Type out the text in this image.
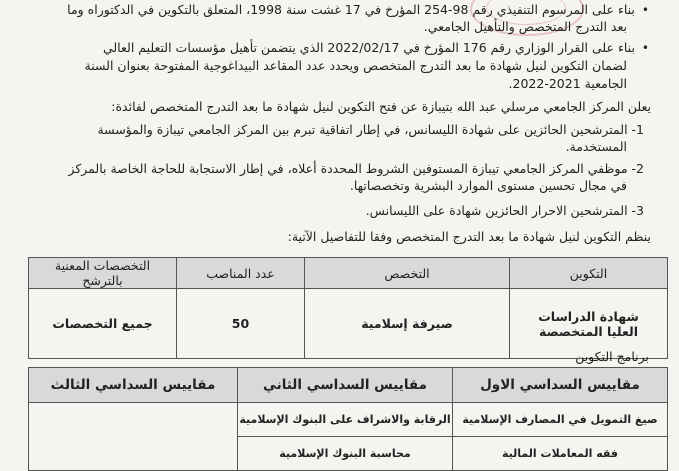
• بناء على المرسوم التنفيذي رقم 98-254 المؤرخ في 17 غشت سنة 1998، المتعلق بالتكوين في الدكتوراه وما
بعد التدرج المتخصص والتأهيل الجامعي.
• بناء على القرار الوزاري رقم 176 المؤرخ في 2022/02/17 الذي يتضمن تأهيل مؤسسات التعليم العالي
لضمان التكوين لنيل شهادة ما بعد التدرج المتخصص ويحدد عدد المقاعد البيداغوجية المفتوحة بعنوان السنة
الجامعية 2021-2022.
يعلن المركز الجامعي مرسلي عبد الله بتيبازة عن فتح التكوين لنيل شهادة ما بعد التدرج المتخصص لفائدة:
1- المترشحين الحائزين على شهادة الليسانس، في إطار اتفاقية تبرم بين المركز الجامعي تيبازة والمؤسسة
المستخدمة.
2- موظفي المركز الجامعي تيبازة المستوفين الشروط المحددة أعلاه، في إطار الاستجابة للحاجة الخاصة بالمركز
في مجال تحسين مستوى الموارد البشرية وتخصصاتها.
3- المترشحين الاحرار الحائزين شهادة على الليسانس.
ينظم التكوين لنيل شهادة ما بعد التدرج المتخصص وفقا للتفاصيل الآتية:
التكوين	التخصص	عدد المناصب	التخصصات المعنية بالترشح

شهادة الدراسات
العليا المتخصصة	صيرفة إسلامية	50	جميع التخصصات
برنامج التكوين
مقاييس السداسي الاول	مقاييس السداسي الثاني	مقاييس السداسي الثالث
صيغ التمويل في المصارف الإسلامية	الرقابة والاشراف على البنوك الإسلامية	
فقه المعاملات المالية	محاسبة البنوك الإسلامية	
